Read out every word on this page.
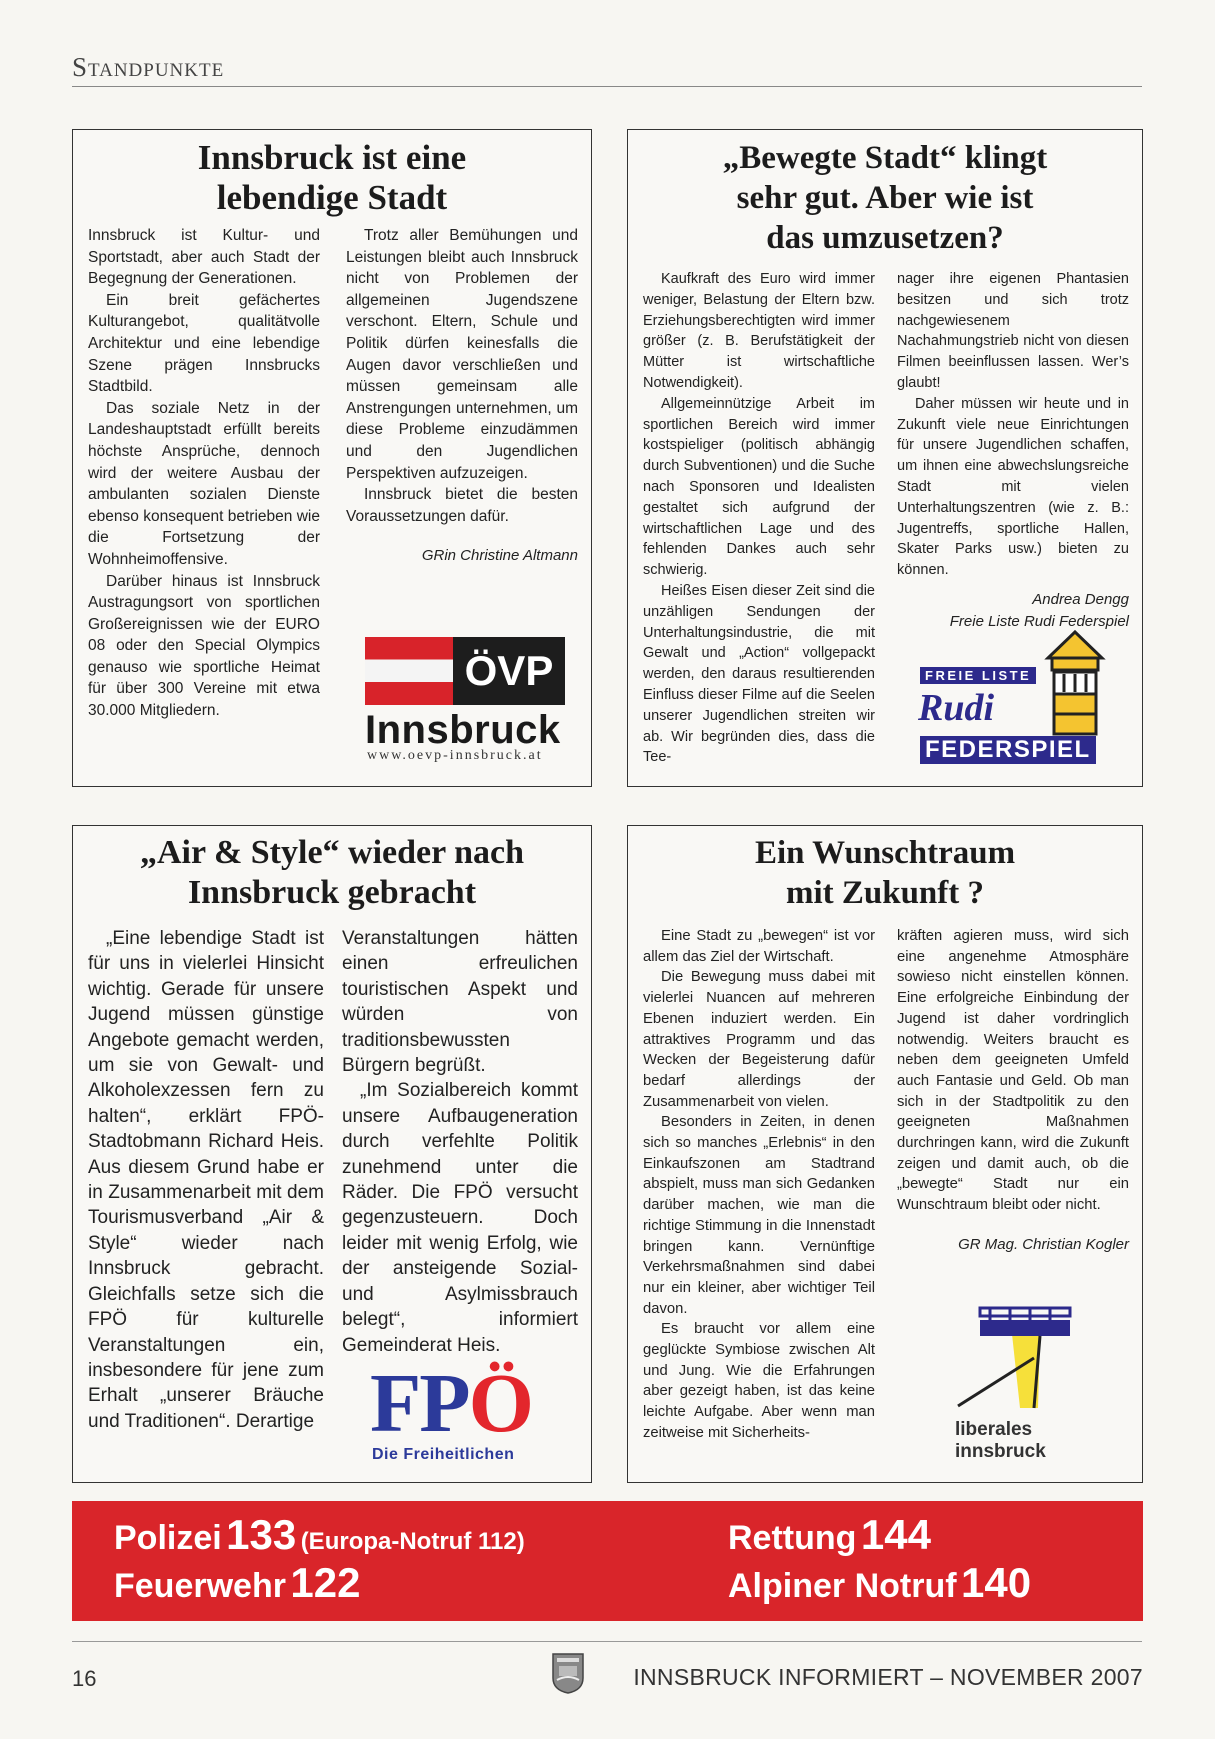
Standpunkte
Innsbruck ist eine
lebendige Stadt

Innsbruck ist Kultur- und Sportstadt, aber auch Stadt der Begegnung der Generationen.

Ein breit gefächertes Kulturangebot, qualitätvolle Architektur und eine lebendige Szene prägen Innsbrucks Stadtbild.

Das soziale Netz in der Landeshauptstadt erfüllt bereits höchste Ansprüche, dennoch wird der weitere Ausbau der ambulanten sozialen Dienste ebenso konsequent betrieben wie die Fortsetzung der Wohnheimoffensive.

Darüber hinaus ist Innsbruck Austragungsort von sportlichen Großereignissen wie der EURO 08 oder den Special Olympics genauso wie sportliche Heimat für über 300 Vereine mit etwa 30.000 Mitgliedern.

Trotz aller Bemühungen und Leistungen bleibt auch Innsbruck nicht von Problemen der allgemeinen Jugendszene verschont. Eltern, Schule und Politik dürfen keinesfalls die Augen davor verschließen und müssen gemeinsam alle Anstrengungen unternehmen, um diese Probleme einzudämmen und den Jugendlichen Perspektiven aufzuzeigen.

Innsbruck bietet die besten Voraussetzungen dafür.

GRin Christine Altmann
ÖVP
Innsbruck
www.oevp-innsbruck.at
„Bewegte Stadt“ klingt
sehr gut. Aber wie ist
das umzusetzen?

Kaufkraft des Euro wird immer weniger, Belastung der Eltern bzw. Erziehungsberechtigten wird immer größer (z. B. Berufstätigkeit der Mütter ist wirtschaftliche Notwendigkeit).

Allgemeinnützige Arbeit im sportlichen Bereich wird immer kostspieliger (politisch abhängig durch Subventionen) und die Suche nach Sponsoren und Idealisten gestaltet sich aufgrund der wirtschaftlichen Lage und des fehlenden Dankes auch sehr schwierig.

Heißes Eisen dieser Zeit sind die unzähligen Sendungen der Unterhaltungsindustrie, die mit Gewalt und „Action“ vollgepackt werden, den daraus resultierenden Einfluss dieser Filme auf die Seelen unserer Jugendlichen streiten wir ab. Wir begründen dies, dass die Tee-

nager ihre eigenen Phantasien besitzen und sich trotz nachgewiesenem Nachahmungstrieb nicht von diesen Filmen beeinflussen lassen. Wer’s glaubt!

Daher müssen wir heute und in Zukunft viele neue Einrichtungen für unsere Jugendlichen schaffen, um ihnen eine abwechslungsreiche Stadt mit vielen Unterhaltungszentren (wie z. B.: Jugentreffs, sportliche Hallen, Skater Parks usw.) bieten zu können.

Andrea Dengg
Freie Liste Rudi Federspiel
FREIE LISTE
Rudi
FEDERSPIEL
„Air & Style“ wieder nach
Innsbruck gebracht

„Eine lebendige Stadt ist für uns in vielerlei Hinsicht wichtig. Gerade für unsere Jugend müssen günstige Angebote gemacht werden, um sie von Gewalt- und Alkoholexzessen fern zu halten“, erklärt FPÖ-Stadtobmann Richard Heis. Aus diesem Grund habe er in Zusammenarbeit mit dem Tourismusverband „Air & Style“ wieder nach Innsbruck gebracht. Gleichfalls setze sich die FPÖ für kulturelle Veranstaltungen ein, insbesondere für jene zum Erhalt „unserer Bräuche und Traditionen“. Derartige

Veranstaltungen hätten einen erfreulichen touristischen Aspekt und würden von traditionsbewussten Bürgern begrüßt.

„Im Sozialbereich kommt unsere Aufbaugeneration durch verfehlte Politik zunehmend unter die Räder. Die FPÖ versucht gegenzusteuern. Doch leider mit wenig Erfolg, wie der ansteigende Sozial- und Asylmissbrauch belegt“, informiert Gemeinderat Heis.

FPÖ
Die Freiheitlichen
Ein Wunschtraum
mit Zukunft ?

Eine Stadt zu „bewegen“ ist vor allem das Ziel der Wirtschaft.

Die Bewegung muss dabei mit vielerlei Nuancen auf mehreren Ebenen induziert werden. Ein attraktives Programm und das Wecken der Begeisterung dafür bedarf allerdings der Zusammenarbeit von vielen.

Besonders in Zeiten, in denen sich so manches „Erlebnis“ in den Einkaufszonen am Stadtrand abspielt, muss man sich Gedanken darüber machen, wie man die richtige Stimmung in die Innenstadt bringen kann. Vernünftige Verkehrsmaßnahmen sind dabei nur ein kleiner, aber wichtiger Teil davon.

Es braucht vor allem eine geglückte Symbiose zwischen Alt und Jung. Wie die Erfahrungen aber gezeigt haben, ist das keine leichte Aufgabe. Aber wenn man zeitweise mit Sicherheits-

kräften agieren muss, wird sich eine angenehme Atmosphäre sowieso nicht einstellen können. Eine erfolgreiche Einbindung der Jugend ist daher vordringlich notwendig. Weiters braucht es neben dem geeigneten Umfeld auch Fantasie und Geld. Ob man sich in der Stadtpolitik zu den geeigneten Maßnahmen durchringen kann, wird die Zukunft zeigen und damit auch, ob die „bewegte“ Stadt nur ein Wunschtraum bleibt oder nicht.

GR Mag. Christian Kogler
liberales
innsbruck
Polizei 133 (Europa-Notruf 112)
Feuerwehr 122
Rettung 144
Alpiner Notruf 140
16	INNSBRUCK INFORMIERT – NOVEMBER 2007
